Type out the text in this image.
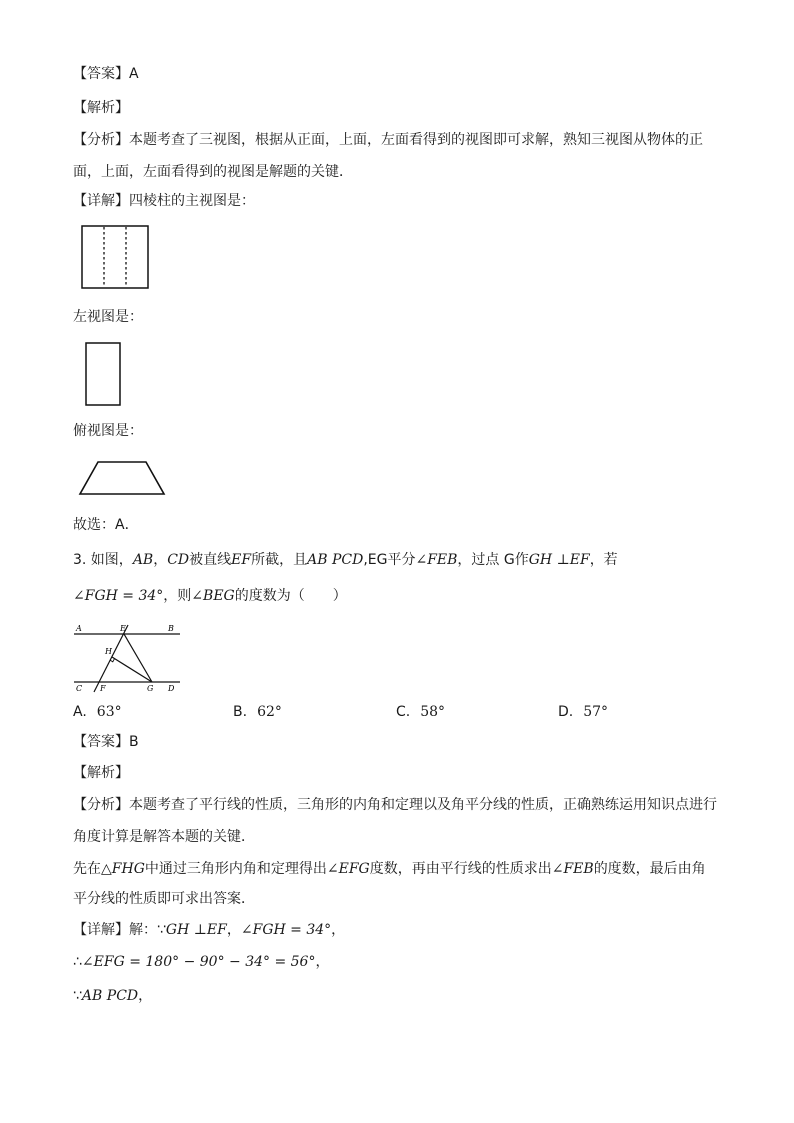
【答案】A
【解析】
【分析】本题考查了三视图，根据从正面，上面，左面看得到的视图即可求解，熟知三视图从物体的正
面，上面，左面看得到的视图是解题的关键．
【详解】四棱柱的主视图是：
左视图是：
俯视图是：
故选：A．
3. 如图，AB，CD被直线EF所截，且AB PCD,EG平分∠FEB，过点 G作GH ⊥EF，若
∠FGH = 34°，则∠BEG的度数为（　　）
A	B
E
H
C F	G D
A. 63°	B. 62°	C. 58°	D. 57°
【答案】B
【解析】
【分析】本题考查了平行线的性质，三角形的内角和定理以及角平分线的性质，正确熟练运用知识点进行
角度计算是解答本题的关键．
先在△FHG中通过三角形内角和定理得出∠EFG度数，再由平行线的性质求出∠FEB的度数，最后由角
平分线的性质即可求出答案．
【详解】解：∵GH ⊥EF，∠FGH = 34°，
∴∠EFG = 180° − 90° − 34° = 56°，
∵AB PCD，
